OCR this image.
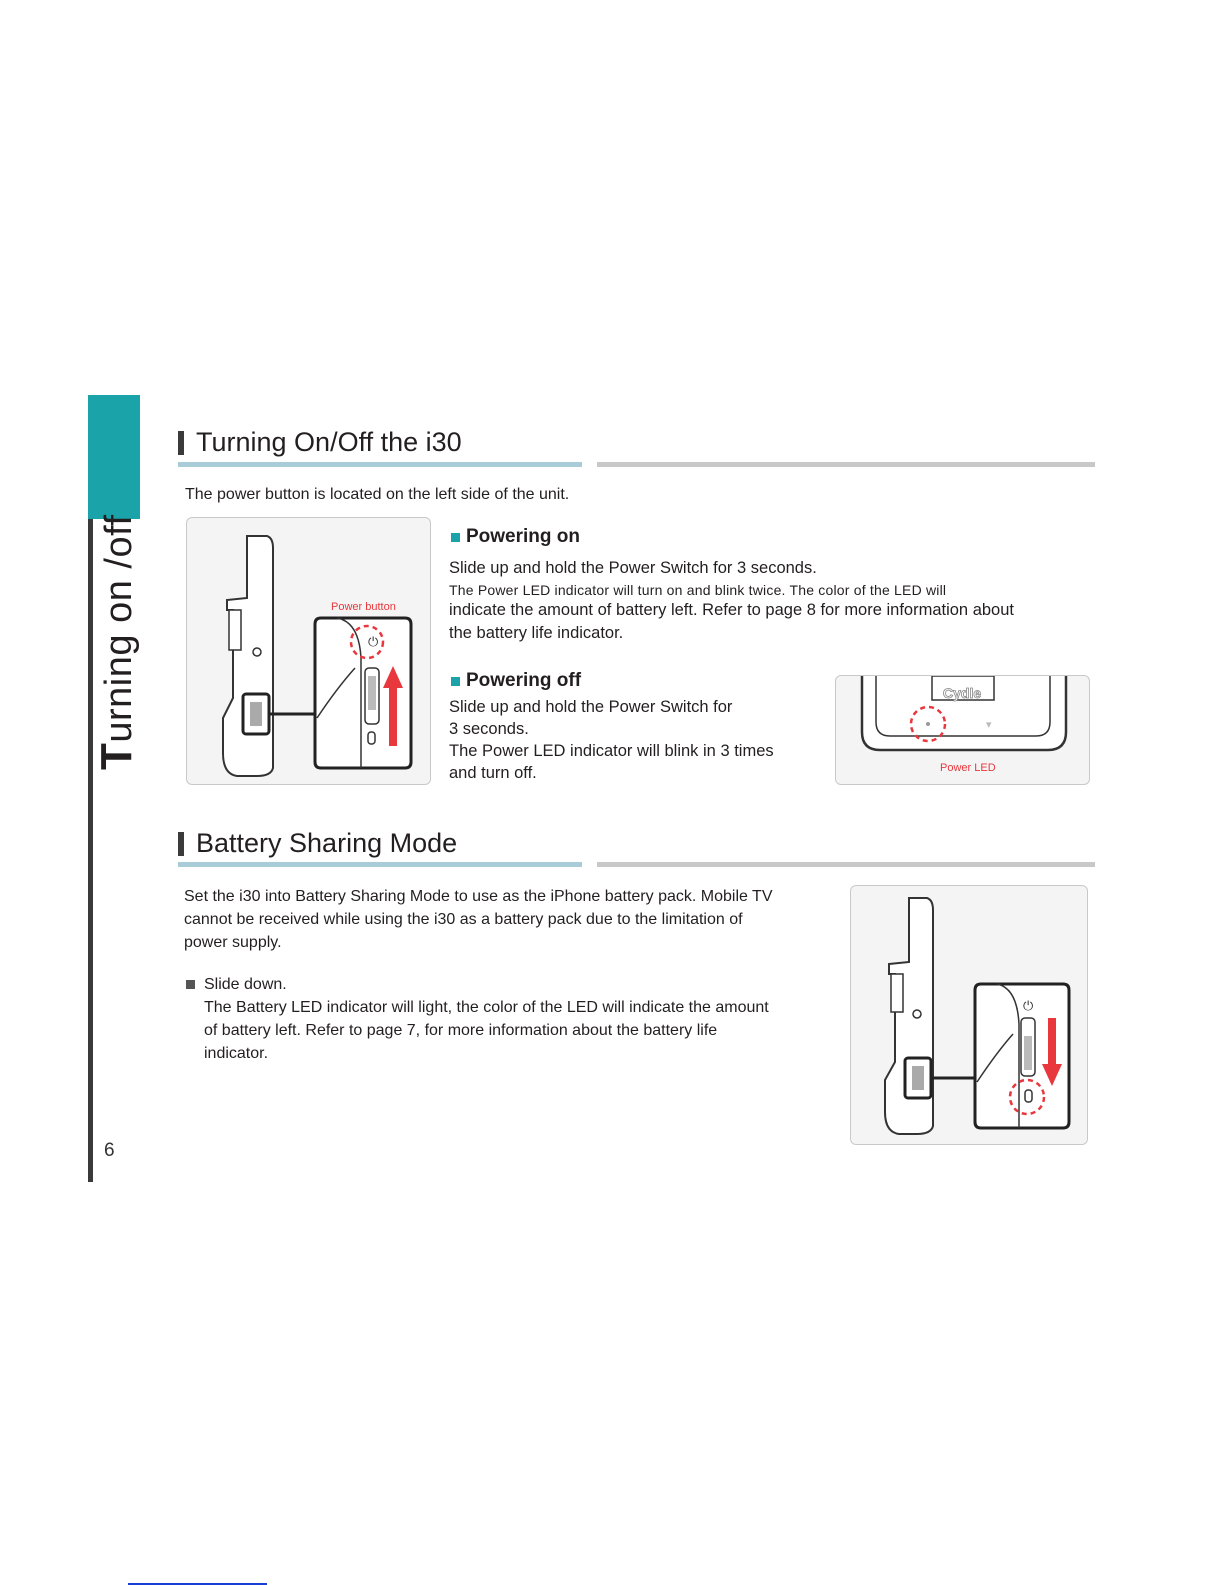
Turning on /off
6
Turning On/Off the i30
The power button is located on the left side of the unit.
⏻
Power button
Powering on
Slide up and hold the Power Switch for 3 seconds.
The Power LED indicator will turn on and blink twice. The color of the LED will
indicate the amount of battery left. Refer to page 8 for more information about
the battery life indicator.
Powering off
Slide up and hold the Power Switch for
3 seconds.
The Power LED indicator will blink in 3 times
and turn off.
▾
Cydle
Power LED
Battery Sharing Mode
Set the i30 into Battery Sharing Mode to use as the iPhone battery pack. Mobile TV
cannot be received while using the i30 as a battery pack due to the limitation of
power supply.
Slide down.
The Battery LED indicator will light, the color of the LED will indicate the amount
of battery left. Refer to page 7, for more information about the battery life
indicator.
⏻
